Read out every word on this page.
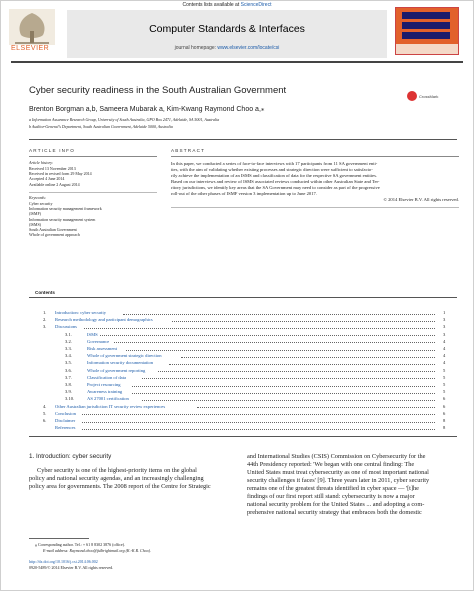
ELSEVIER
Contents lists available at ScienceDirect
Computer Standards & Interfaces
journal homepage: www.elsevier.com/locate/csi
Cyber security readiness in the South Australian Government
Brenton Borgman a,b, Sameera Mubarak a, Kim-Kwang Raymond Choo a,⁎
a Information Assurance Research Group, University of South Australia, GPO Box 2471, Adelaide, SA 5001, Australia
b Auditor-General's Department, South Australian Government, Adelaide 5000, Australia
CrossMark
ARTICLE INFO
Article history:
Received 13 November 2013
Received in revised form 29 May 2014
Accepted 4 June 2014
Available online 2 August 2014
Keywords:
Cyber security
Information security management framework
(ISMF)
Information security management system
(ISMS)
South Australian Government
Whole of government approach
ABSTRACT
In this paper, we conducted a series of face-to-face interviews with 17 participants from 11 SA government enti-
ties, with the aim of validating whether existing processes and strategic direction were sufficient to satisfacto-
rily achieve the implementation of an ISMS and classification of data for the respective SA government entities.
Based on our interviews and review of ISMS associated reviews conducted within other Australian State and Ter-
ritory jurisdictions, we identify key areas that the SA Government may need to consider as part of the progressive
roll-out of the other phases of ISMF version 3 implementation up to June 2017.
© 2014 Elsevier B.V. All rights reserved.
Contents
1. Introduction: cyber security	1
2. Research methodology and participant demographics	3
3. Discussions	3
3.1.	ISMS	3
3.2.	Governance	4
3.3.	Risk assessment	4
3.4.	Whole of government strategic direction	4
3.5.	Information security documentation	4
3.6.	Whole of government reporting	5
3.7.	Classification of data	5
3.8.	Project resourcing	5
3.9.	Awareness training	5
3.10.	AS 27001 certification	6
4. Other Australian jurisdiction IT security review experiences	6
5. Conclusion	6
6. Disclaimer	8
References	8
1. Introduction: cyber security
Cyber security is one of the highest-priority items on the global
policy and national security agendas, and an increasingly challenging
policy area for governments. The 2008 report of the Centre for Strategic
and International Studies (CSIS) Commission on Cybersecurity for the
44th Presidency reported: 'We began with one central finding: The
United States must treat cybersecurity as one of most important national
security challenges it faces' [9]. Three years later in 2011, cyber security
remains one of the greatest threats identified in cyber space — '[t]he
findings of our first report still stand: cybersecurity is now a major
national security problem for the United States ... and adopting a com-
prehensive national security strategy that embraces both the domestic
⁎ Corresponding author. Tel.: + 61 8 8302 3876 (office).
E-mail address: Raymond.choo@fulbrightmail.org (K.-K.R. Choo).
http://dx.doi.org/10.1016/j.csi.2014.06.002
0920-5489/© 2014 Elsevier B.V. All rights reserved.
